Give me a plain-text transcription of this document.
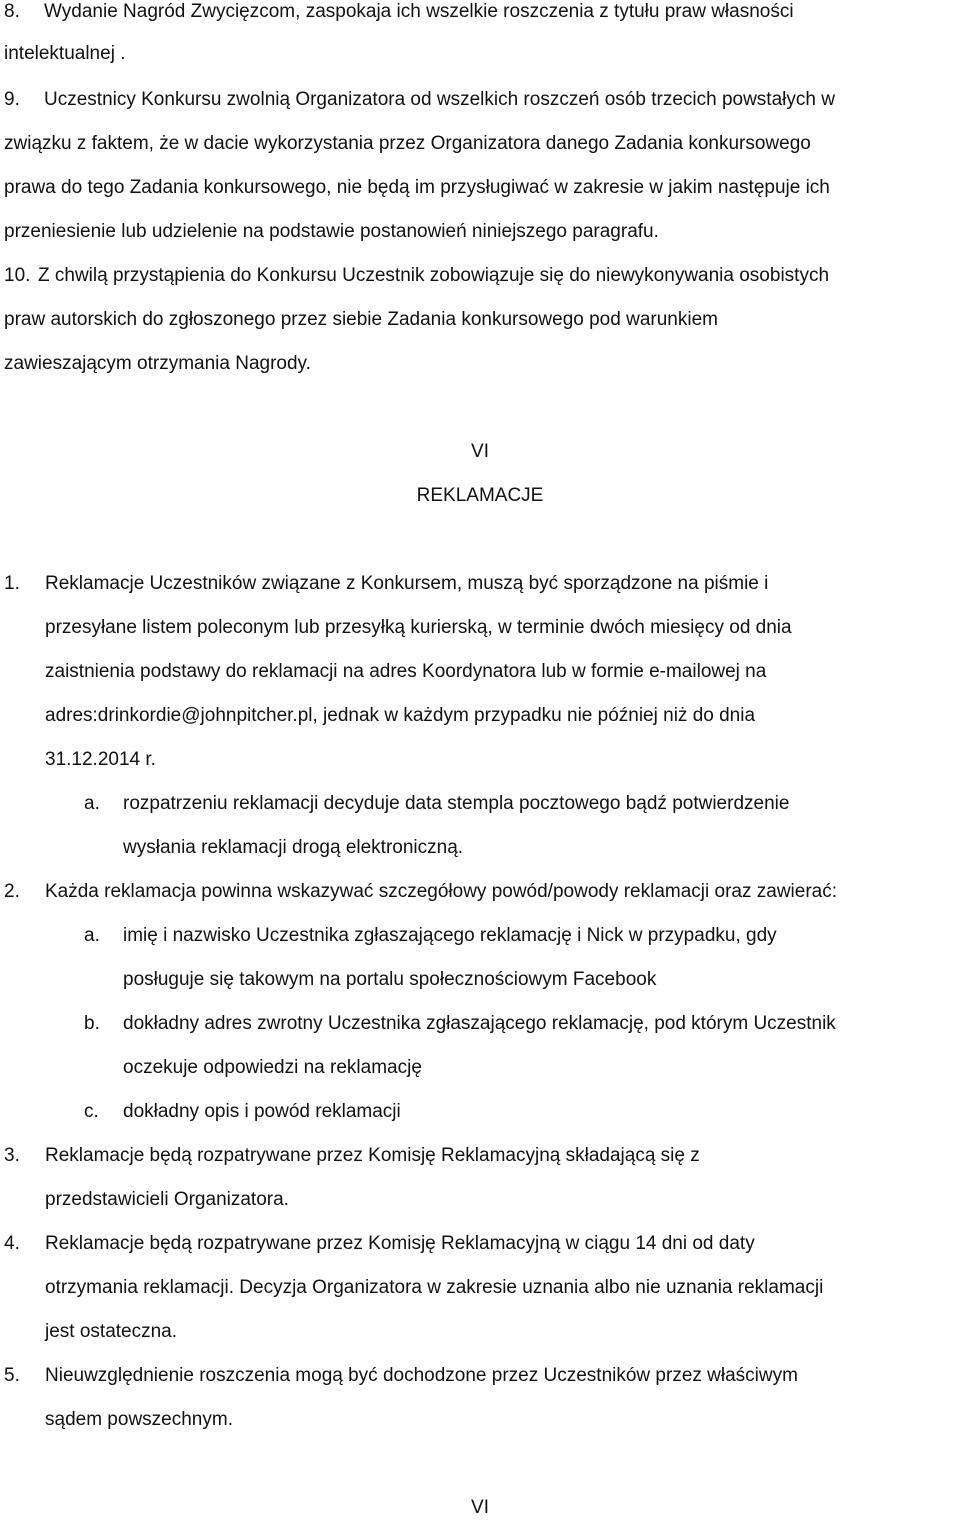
8. Wydanie Nagród Zwycięzcom, zaspokaja ich wszelkie roszczenia z tytułu praw własności
intelektualnej .
9. Uczestnicy Konkursu zwolnią Organizatora od wszelkich roszczeń osób trzecich powstałych w
związku z faktem, że w dacie wykorzystania przez Organizatora danego Zadania konkursowego
prawa do tego Zadania konkursowego, nie będą im przysługiwać w zakresie w jakim następuje ich
przeniesienie lub udzielenie na podstawie postanowień niniejszego paragrafu.
10. Z chwilą przystąpienia do Konkursu Uczestnik zobowiązuje się do niewykonywania osobistych
praw autorskich do zgłoszonego przez siebie Zadania konkursowego pod warunkiem
zawieszającym otrzymania Nagrody.
VI
REKLAMACJE
1. Reklamacje Uczestników związane z Konkursem, muszą być sporządzone na piśmie i
przesyłane listem poleconym lub przesyłką kurierską, w terminie dwóch miesięcy od dnia
zaistnienia podstawy do reklamacji na adres Koordynatora lub w formie e-mailowej na
adres:drinkordie@johnpitcher.pl, jednak w każdym przypadku nie później niż do dnia
31.12.2014 r.
a. rozpatrzeniu reklamacji decyduje data stempla pocztowego bądź potwierdzenie
wysłania reklamacji drogą elektroniczną.
2. Każda reklamacja powinna wskazywać szczegółowy powód/powody reklamacji oraz zawierać:
a. imię i nazwisko Uczestnika zgłaszającego reklamację i Nick w przypadku, gdy
posługuje się takowym na portalu społecznościowym Facebook
b. dokładny adres zwrotny Uczestnika zgłaszającego reklamację, pod którym Uczestnik
oczekuje odpowiedzi na reklamację
c. dokładny opis i powód reklamacji
3. Reklamacje będą rozpatrywane przez Komisję Reklamacyjną składającą się z
przedstawicieli Organizatora.
4. Reklamacje będą rozpatrywane przez Komisję Reklamacyjną w ciągu 14 dni od daty
otrzymania reklamacji. Decyzja Organizatora w zakresie uznania albo nie uznania reklamacji
jest ostateczna.
5. Nieuwzględnienie roszczenia mogą być dochodzone przez Uczestników przez właściwym
sądem powszechnym.
VI
